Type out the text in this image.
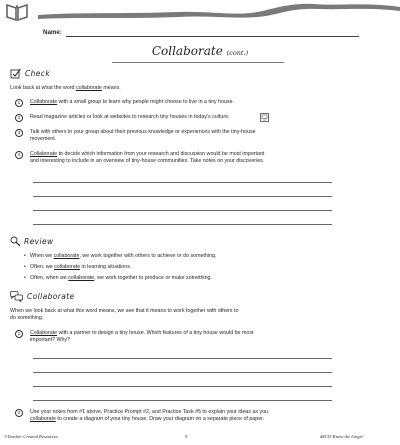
Name:
Collaborate (cont.)
Check
Look back at what the word collaborate means.
1	Collaborate with a small group to learn why people might choose to live in a tiny house.
2	Read magazine articles or look at websites to research tiny houses in today’s culture.
3	Talk with others in your group about their previous knowledge or experiences with the tiny-house
movement.
4	Collaborate to decide which information from your research and discussion would be most important
and interesting to include in an overview of tiny-house communities. Take notes on your discoveries.
Review
• When we collaborate, we work together with others to achieve or do something.
• Often, we collaborate in learning situations.
• Often, when we collaborate, we work together to produce or make something.
Collaborate
When we look back at what this word means, we see that it means to work together with others to
do something.
1	Collaborate with a partner to design a tiny house. Which features of a tiny house would be most
important? Why?
2	Use your notes from #1 above, Practice Prompt #2, and Practice Task #5 to explain your ideas as you
collaborate to create a diagram of your tiny house. Draw your diagram on a separate piece of paper.
©Teacher Created Resources	9	#8135 Know the Lingo!
